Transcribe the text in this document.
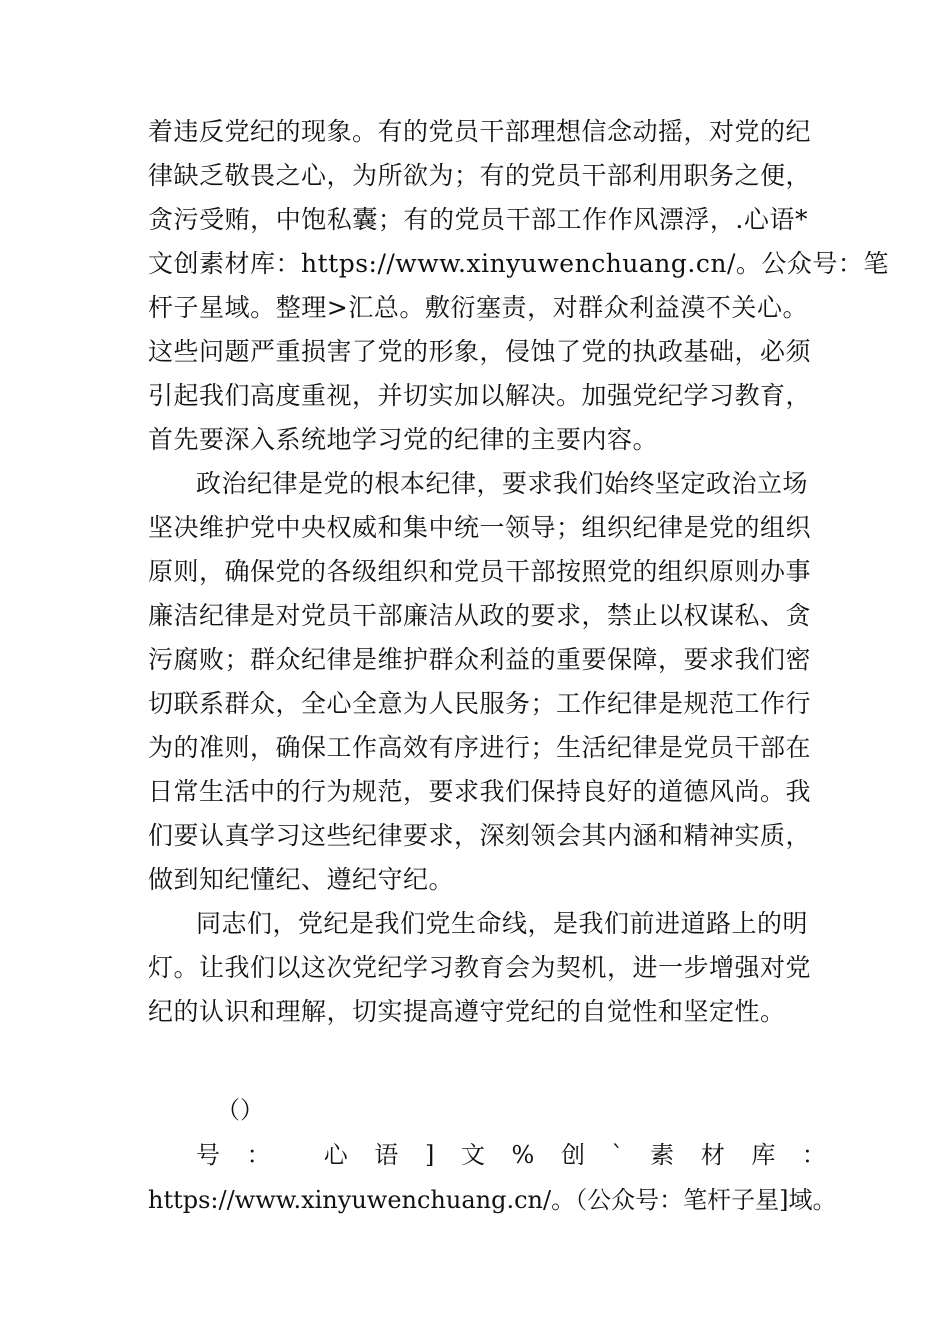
着违反党纪的现象。有的党员干部理想信念动摇，对党的纪
律缺乏敬畏之心，为所欲为；有的党员干部利用职务之便，
贪污受贿，中饱私囊；有的党员干部工作作风漂浮，.心语*
文创素材库：https://www.xinyuwenchuang.cn/。公众号：笔
杆子星域。整理>汇总。敷衍塞责，对群众利益漠不关心。
这些问题严重损害了党的形象，侵蚀了党的执政基础，必须
引起我们高度重视，并切实加以解决。加强党纪学习教育，
首先要深入系统地学习党的纪律的主要内容。
政治纪律是党的根本纪律，要求我们始终坚定政治立场
坚决维护党中央权威和集中统一领导；组织纪律是党的组织
原则，确保党的各级组织和党员干部按照党的组织原则办事
廉洁纪律是对党员干部廉洁从政的要求，禁止以权谋私、贪
污腐败；群众纪律是维护群众利益的重要保障，要求我们密
切联系群众，全心全意为人民服务；工作纪律是规范工作行
为的准则，确保工作高效有序进行；生活纪律是党员干部在
日常生活中的行为规范，要求我们保持良好的道德风尚。我
们要认真学习这些纪律要求，深刻领会其内涵和精神实质，
做到知纪懂纪、遵纪守纪。
同志们，党纪是我们党生命线，是我们前进道路上的明
灯。让我们以这次党纪学习教育会为契机，进一步增强对党
纪的认识和理解，切实提高遵守党纪的自觉性和坚定性。
（）
号 ： 心 语 ] 文 % 创 ` 素 材 库 ：
https://www.xinyuwenchuang.cn/。（公众号：笔杆子星]域。
